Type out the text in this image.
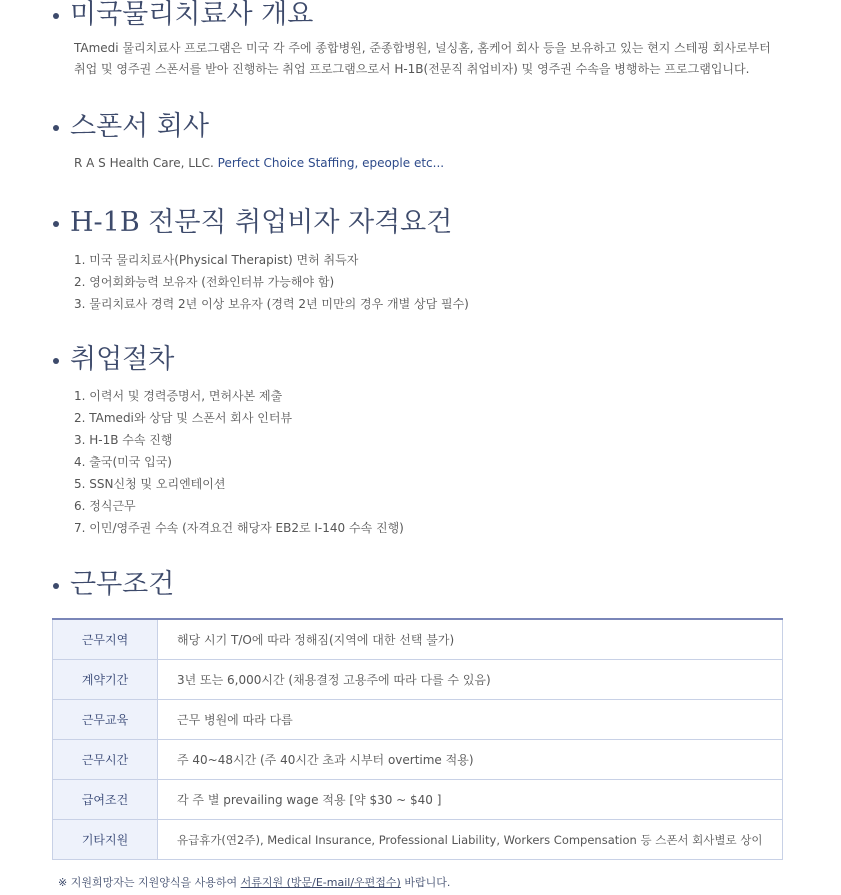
미국물리치료사 개요

TAmedi 물리치료사 프로그램은 미국 각 주에 종합병원, 준종합병원, 널싱홈, 홈케어 회사 등을 보유하고 있는 현지 스테핑 회사로부터
취업 및 영주권 스폰서를 받아 진행하는 취업 프로그램으로서 H-1B(전문직 취업비자) 및 영주권 수속을 병행하는 프로그램입니다.

스폰서 회사
R A S Health Care, LLC. Perfect Choice Staffing, epeople etc...
H-1B 전문직 취업비자 자격요건
1. 미국 물리치료사(Physical Therapist) 면허 취득자
2. 영어회화능력 보유자 (전화인터뷰 가능해야 함)
3. 물리치료사 경력 2년 이상 보유자 (경력 2년 미만의 경우 개별 상담 필수)
취업절차
1. 이력서 및 경력증명서, 면허사본 제출
2. TAmedi와 상담 및 스폰서 회사 인터뷰
3. H-1B 수속 진행
4. 출국(미국 입국)
5. SSN신청 및 오리엔테이션
6. 정식근무
7. 이민/영주권 수속 (자격요건 해당자 EB2로 I-140 수속 진행)
근무조건
근무지역	해당 시기 T/O에 따라 정해짐(지역에 대한 선택 불가)
계약기간	3년 또는 6,000시간 (채용결정 고용주에 따라 다를 수 있음)
근무교육	근무 병원에 따라 다름
근무시간	주 40~48시간 (주 40시간 초과 시부터 overtime 적용)
급여조건	각 주 별 prevailing wage 적용 [약 $30 ~ $40 ]
기타지원	유급휴가(연2주), Medical Insurance, Professional Liability, Workers Compensation 등 스폰서 회사별로 상이
※ 지원희망자는 지원양식을 사용하여 서류지원 (방문/E-mail/우편접수) 바랍니다.
